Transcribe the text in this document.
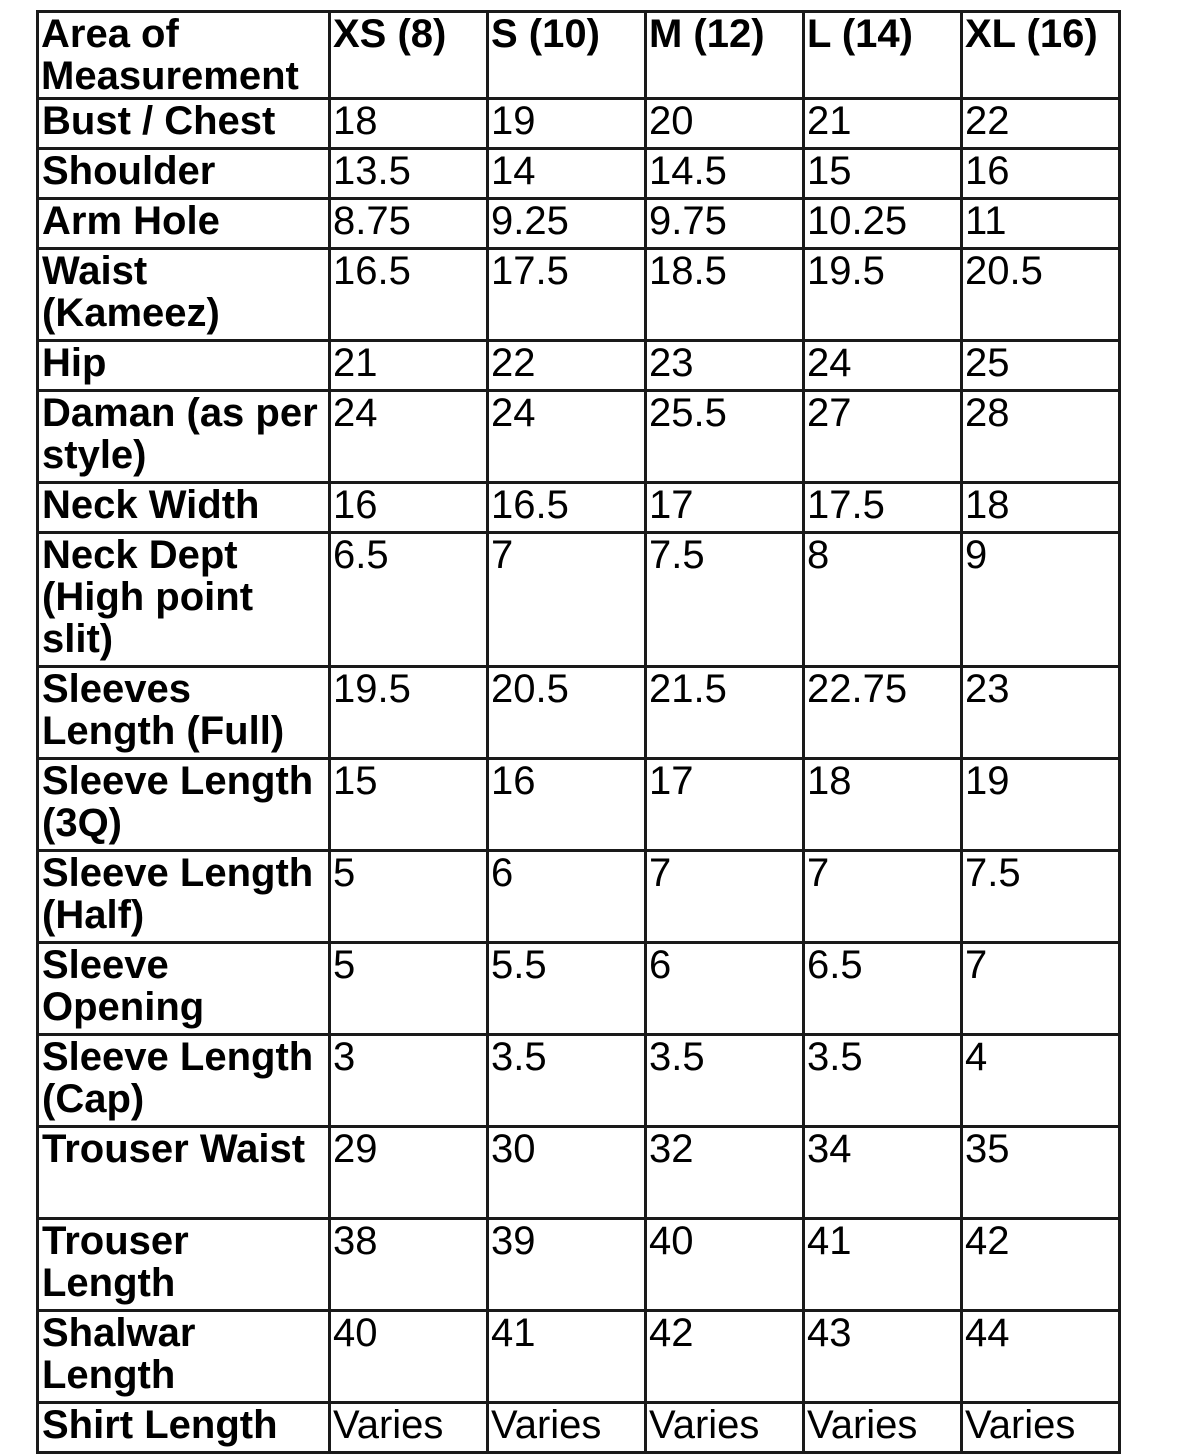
Area of Measurement	XS (8)	S (10)	M (12)	L (14)	XL (16)
Bust / Chest	18	19	20	21	22
Shoulder	13.5	14	14.5	15	16
Arm Hole	8.75	9.25	9.75	10.25	11
Waist (Kameez)	16.5	17.5	18.5	19.5	20.5
Hip	21	22	23	24	25
Daman (as per style)	24	24	25.5	27	28
Neck Width	16	16.5	17	17.5	18
Neck Dept (High point slit)	6.5	7	7.5	8	9
Sleeves Length (Full)	19.5	20.5	21.5	22.75	23
Sleeve Length (3Q)	15	16	17	18	19
Sleeve Length (Half)	5	6	7	7	7.5
Sleeve Opening	5	5.5	6	6.5	7
Sleeve Length (Cap)	3	3.5	3.5	3.5	4
Trouser Waist	29	30	32	34	35
Trouser Length	38	39	40	41	42
Shalwar Length	40	41	42	43	44
Shirt Length	Varies	Varies	Varies	Varies	Varies
